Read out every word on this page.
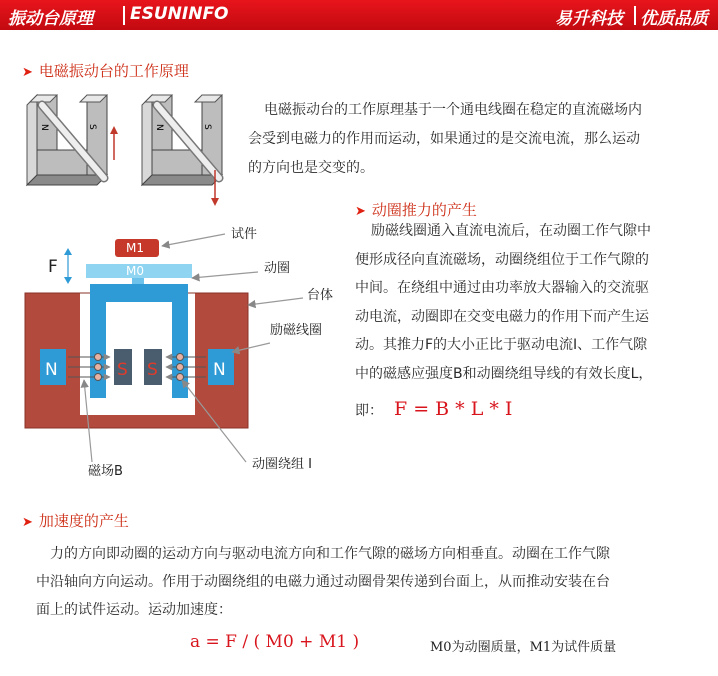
振动台原理 ESUNINFO	易升科技 优质品质
➤ 电磁振动台的工作原理
N	S	N	S
电磁振动台的工作原理基于一个通电线圈在稳定的直流磁场内
会受到电磁力的作用而运动，如果通过的是交流电流，那么运动
的方向也是交变的。
➤ 动圈推力的产生
励磁线圈通入直流电流后，在动圈工作气隙中
便形成径向直流磁场，动圈绕组位于工作气隙的
中间。在绕组中通过由功率放大器输入的交流驱
动电流，动圈即在交变电磁力的作用下而产生运
动。其推力F的大小正比于驱动电流I、工作气隙
中的磁感应强度B和动圈绕组导线的有效长度L，
即： F = B * L * I
N	S S	N
M1
M0
F
试件
动圈
台体
励磁线圈
磁场B	动圈绕组 I
➤ 加速度的产生
力的方向即动圈的运动方向与驱动电流方向和工作气隙的磁场方向相垂直。动圈在工作气隙
中沿轴向方向运动。作用于动圈绕组的电磁力通过动圈骨架传递到台面上，从而推动安装在台
面上的试件运动。运动加速度：
a = F / ( M0 + M1 )	M0为动圈质量，M1为试件质量
